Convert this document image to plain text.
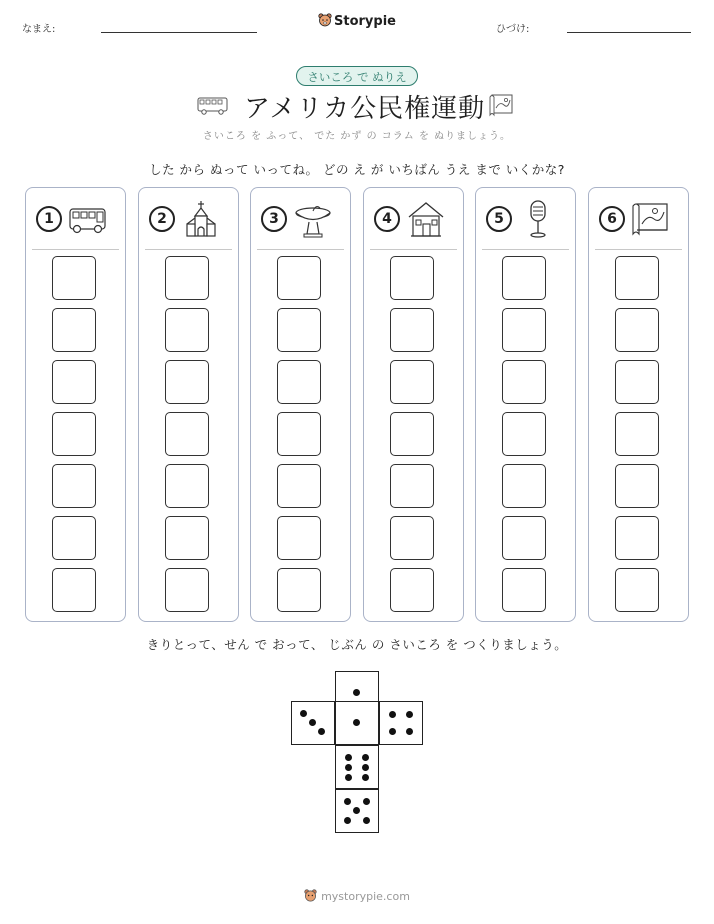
なまえ:
Storypie
ひづけ:
さいころ で ぬりえ
アメリカ公民権運動
さいころ を ふって、 でた かず の コラム を ぬりましょう。
した から ぬって いってね。 どの え が いちばん うえ まで いくかな?
1	2	3	4	5	6
きりとって、せん で おって、 じぶん の さいころ を つくりましょう。
mystorypie.com
